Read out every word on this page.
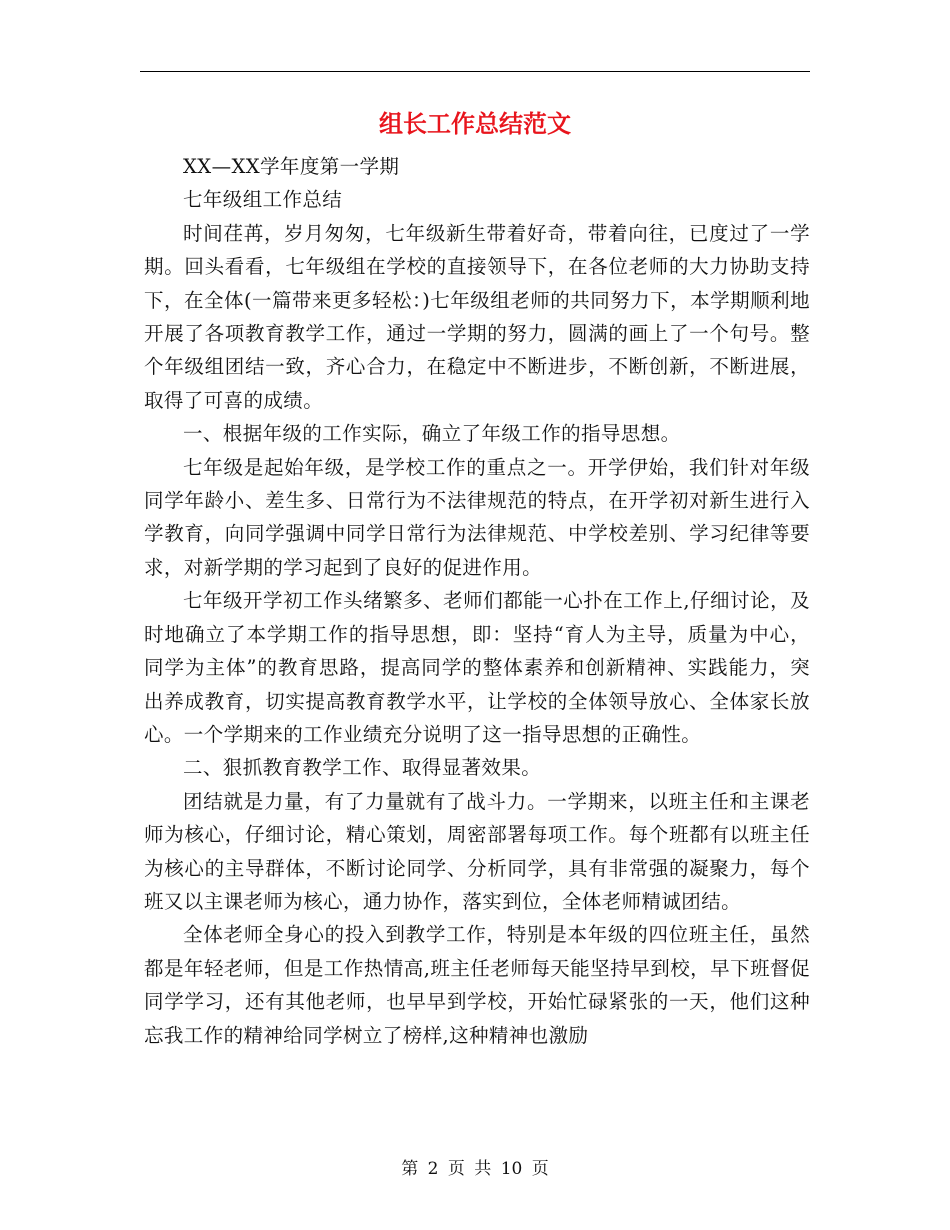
组长工作总结范文

XX—XX学年度第一学期

七年级组工作总结

时间荏苒，岁月匆匆，七年级新生带着好奇，带着向往，已度过了一学期。回头看看，七年级组在学校的直接领导下，在各位老师的大力协助支持下，在全体(一篇带来更多轻松：)七年级组老师的共同努力下，本学期顺利地开展了各项教育教学工作，通过一学期的努力，圆满的画上了一个句号。整个年级组团结一致，齐心合力，在稳定中不断进步，不断创新，不断进展，取得了可喜的成绩。

一、根据年级的工作实际，确立了年级工作的指导思想。

七年级是起始年级，是学校工作的重点之一。开学伊始，我们针对年级同学年龄小、差生多、日常行为不法律规范的特点，在开学初对新生进行入学教育，向同学强调中同学日常行为法律规范、中学校差别、学习纪律等要求，对新学期的学习起到了良好的促进作用。

七年级开学初工作头绪繁多、老师们都能一心扑在工作上,仔细讨论，及时地确立了本学期工作的指导思想，即：坚持“育人为主导，质量为中心，同学为主体”的教育思路，提高同学的整体素养和创新精神、实践能力，突出养成教育，切实提高教育教学水平，让学校的全体领导放心、全体家长放心。一个学期来的工作业绩充分说明了这一指导思想的正确性。

二、狠抓教育教学工作、取得显著效果。

团结就是力量，有了力量就有了战斗力。一学期来，以班主任和主课老师为核心，仔细讨论，精心策划，周密部署每项工作。每个班都有以班主任为核心的主导群体，不断讨论同学、分析同学，具有非常强的凝聚力，每个班又以主课老师为核心，通力协作，落实到位，全体老师精诚团结。

全体老师全身心的投入到教学工作，特别是本年级的四位班主任，虽然都是年轻老师，但是工作热情高,班主任老师每天能坚持早到校，早下班督促同学学习，还有其他老师，也早早到学校，开始忙碌紧张的一天，他们这种忘我工作的精神给同学树立了榜样,这种精神也激励

第 2 页 共 10 页
